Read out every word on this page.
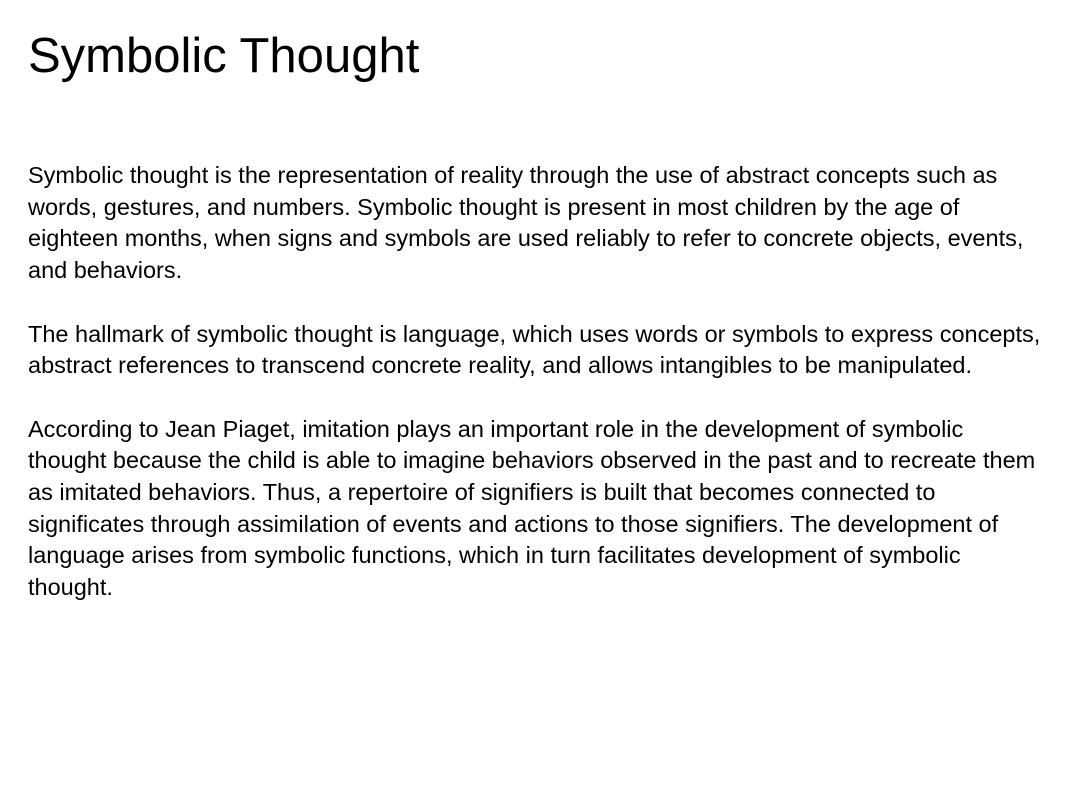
Symbolic Thought

Symbolic thought is the representation of reality through the use of abstract concepts such as words, gestures, and numbers. Symbolic thought is present in most children by the age of eighteen months, when signs and symbols are used reliably to refer to concrete objects, events, and behaviors.

The hallmark of symbolic thought is language, which uses words or symbols to express concepts, abstract references to transcend concrete reality, and allows intangibles to be manipulated.

According to Jean Piaget, imitation plays an important role in the development of symbolic thought because the child is able to imagine behaviors observed in the past and to recreate them as imitated behaviors. Thus, a repertoire of signifiers is built that becomes connected to significates through assimilation of events and actions to those signifiers. The development of language arises from symbolic functions, which in turn facilitates development of symbolic thought.
